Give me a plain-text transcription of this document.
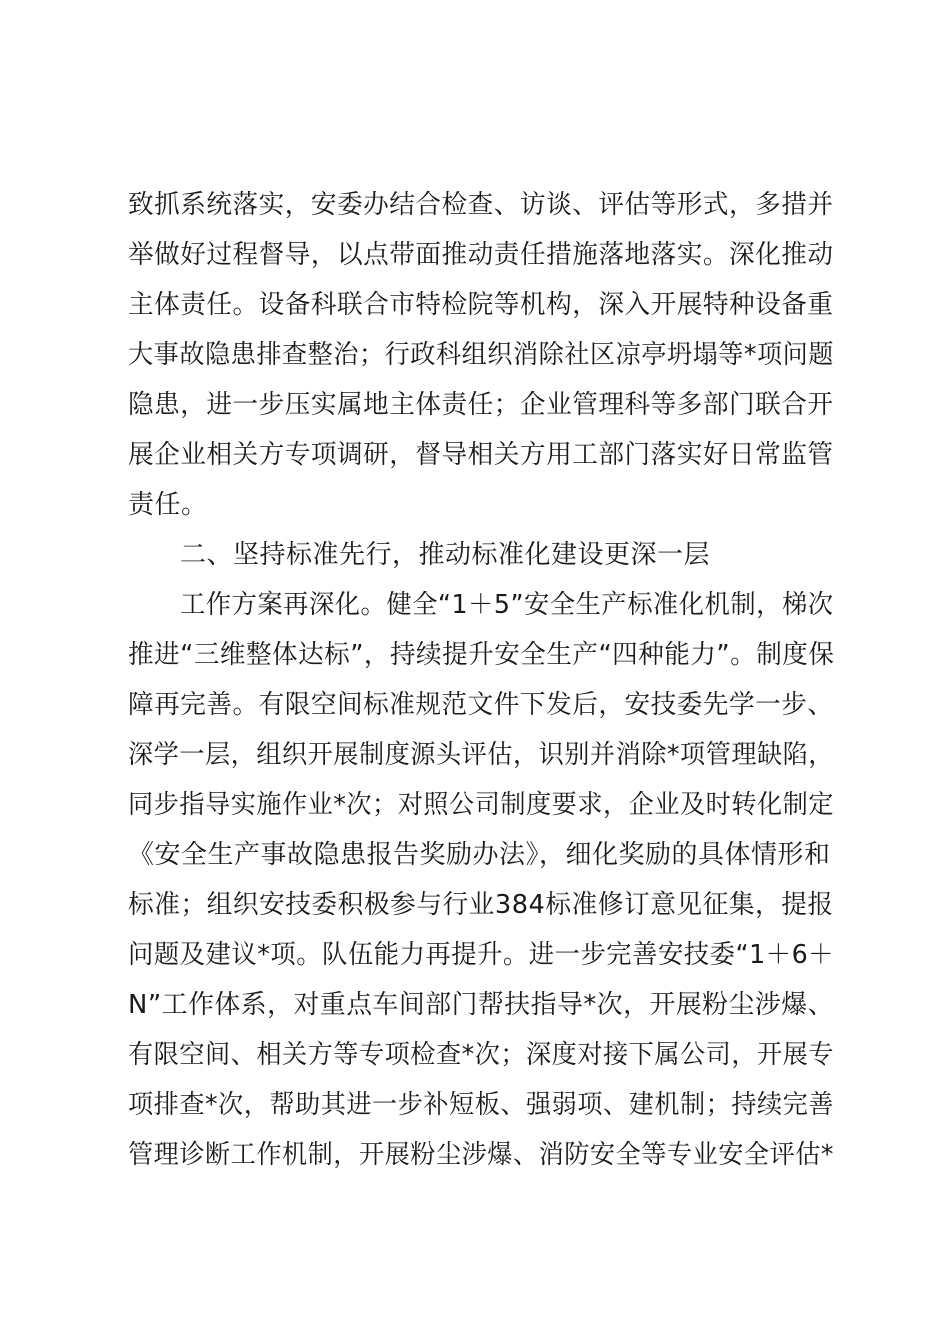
致抓系统落实，安委办结合检查、访谈、评估等形式，多措并
举做好过程督导，以点带面推动责任措施落地落实。深化推动
主体责任。设备科联合市特检院等机构，深入开展特种设备重
大事故隐患排查整治；行政科组织消除社区凉亭坍塌等*项问题
隐患，进一步压实属地主体责任；企业管理科等多部门联合开
展企业相关方专项调研，督导相关方用工部门落实好日常监管
责任。
二、坚持标准先行，推动标准化建设更深一层
工作方案再深化。健全“1＋5”安全生产标准化机制，梯次
推进“三维整体达标”，持续提升安全生产“四种能力”。制度保
障再完善。有限空间标准规范文件下发后，安技委先学一步、
深学一层，组织开展制度源头评估，识别并消除*项管理缺陷，
同步指导实施作业*次；对照公司制度要求，企业及时转化制定
《安全生产事故隐患报告奖励办法》，细化奖励的具体情形和
标准；组织安技委积极参与行业384标准修订意见征集，提报
问题及建议*项。队伍能力再提升。进一步完善安技委“1＋6＋
N”工作体系，对重点车间部门帮扶指导*次，开展粉尘涉爆、
有限空间、相关方等专项检查*次；深度对接下属公司，开展专
项排查*次，帮助其进一步补短板、强弱项、建机制；持续完善
管理诊断工作机制，开展粉尘涉爆、消防安全等专业安全评估*
